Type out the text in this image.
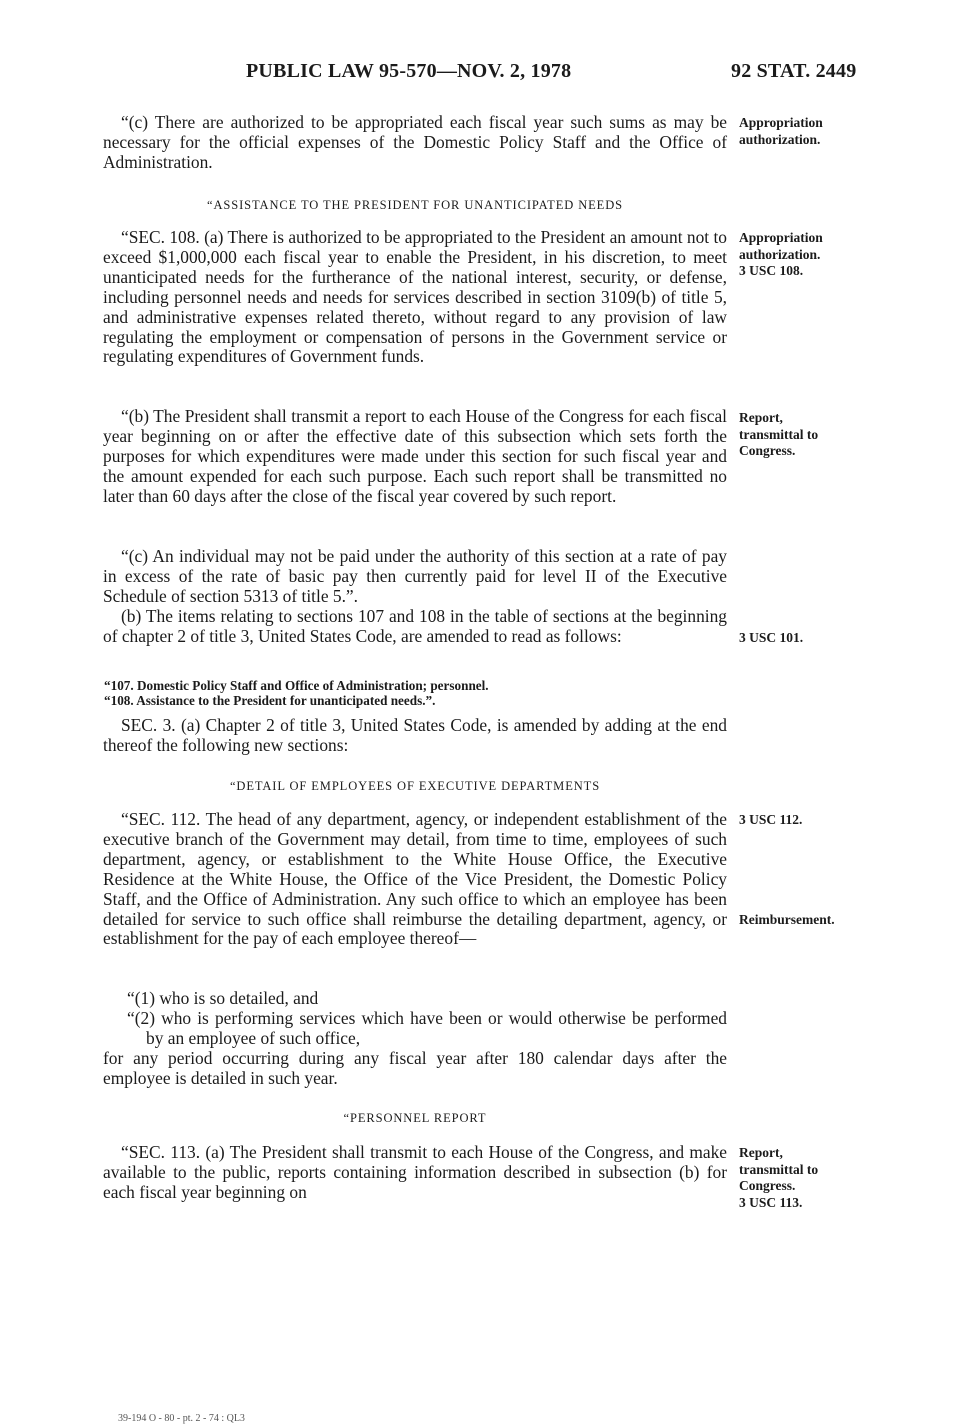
PUBLIC LAW 95-570—NOV. 2, 1978	92 STAT. 2449

“(c) There are authorized to be appropriated each fiscal year such sums as may be necessary for the official expenses of the Domestic Policy Staff and the Office of Administration.

“ASSISTANCE TO THE PRESIDENT FOR UNANTICIPATED NEEDS

“SEC. 108. (a) There is authorized to be appropriated to the President an amount not to exceed $1,000,000 each fiscal year to enable the President, in his discretion, to meet unanticipated needs for the furtherance of the national interest, security, or defense, including personnel needs and needs for services described in section 3109(b) of title 5, and administrative expenses related thereto, without regard to any provision of law regulating the employment or compensation of persons in the Government service or regulating expenditures of Government funds.

“(b) The President shall transmit a report to each House of the Congress for each fiscal year beginning on or after the effective date of this subsection which sets forth the purposes for which expenditures were made under this section for such fiscal year and the amount expended for each such purpose. Each such report shall be transmitted no later than 60 days after the close of the fiscal year covered by such report.

“(c) An individual may not be paid under the authority of this section at a rate of pay in excess of the rate of basic pay then currently paid for level II of the Executive Schedule of section 5313 of title 5.”.

(b) The items relating to sections 107 and 108 in the table of sections at the beginning of chapter 2 of title 3, United States Code, are amended to read as follows:

“107. Domestic Policy Staff and Office of Administration; personnel.
“108. Assistance to the President for unanticipated needs.”.

SEC. 3. (a) Chapter 2 of title 3, United States Code, is amended by adding at the end thereof the following new sections:

“DETAIL OF EMPLOYEES OF EXECUTIVE DEPARTMENTS

“SEC. 112. The head of any department, agency, or independent establishment of the executive branch of the Government may detail, from time to time, employees of such department, agency, or establishment to the White House Office, the Executive Residence at the White House, the Office of the Vice President, the Domestic Policy Staff, and the Office of Administration. Any such office to which an employee has been detailed for service to such office shall reimburse the detailing department, agency, or establishment for the pay of each employee thereof—

“(1) who is so detailed, and
“(2) who is performing services which have been or would otherwise be performed by an employee of such office,

for any period occurring during any fiscal year after 180 calendar days after the employee is detailed in such year.

“PERSONNEL REPORT

“SEC. 113. (a) The President shall transmit to each House of the Congress, and make available to the public, reports containing information described in subsection (b) for each fiscal year beginning on

Appropriation
authorization.
Appropriation
authorization.
3 USC 108.
Report,
transmittal to
Congress.
3 USC 101.
3 USC 112.
Reimbursement.
Report,
transmittal to
Congress.
3 USC 113.
39-194 O - 80 - pt. 2 - 74 : QL3
